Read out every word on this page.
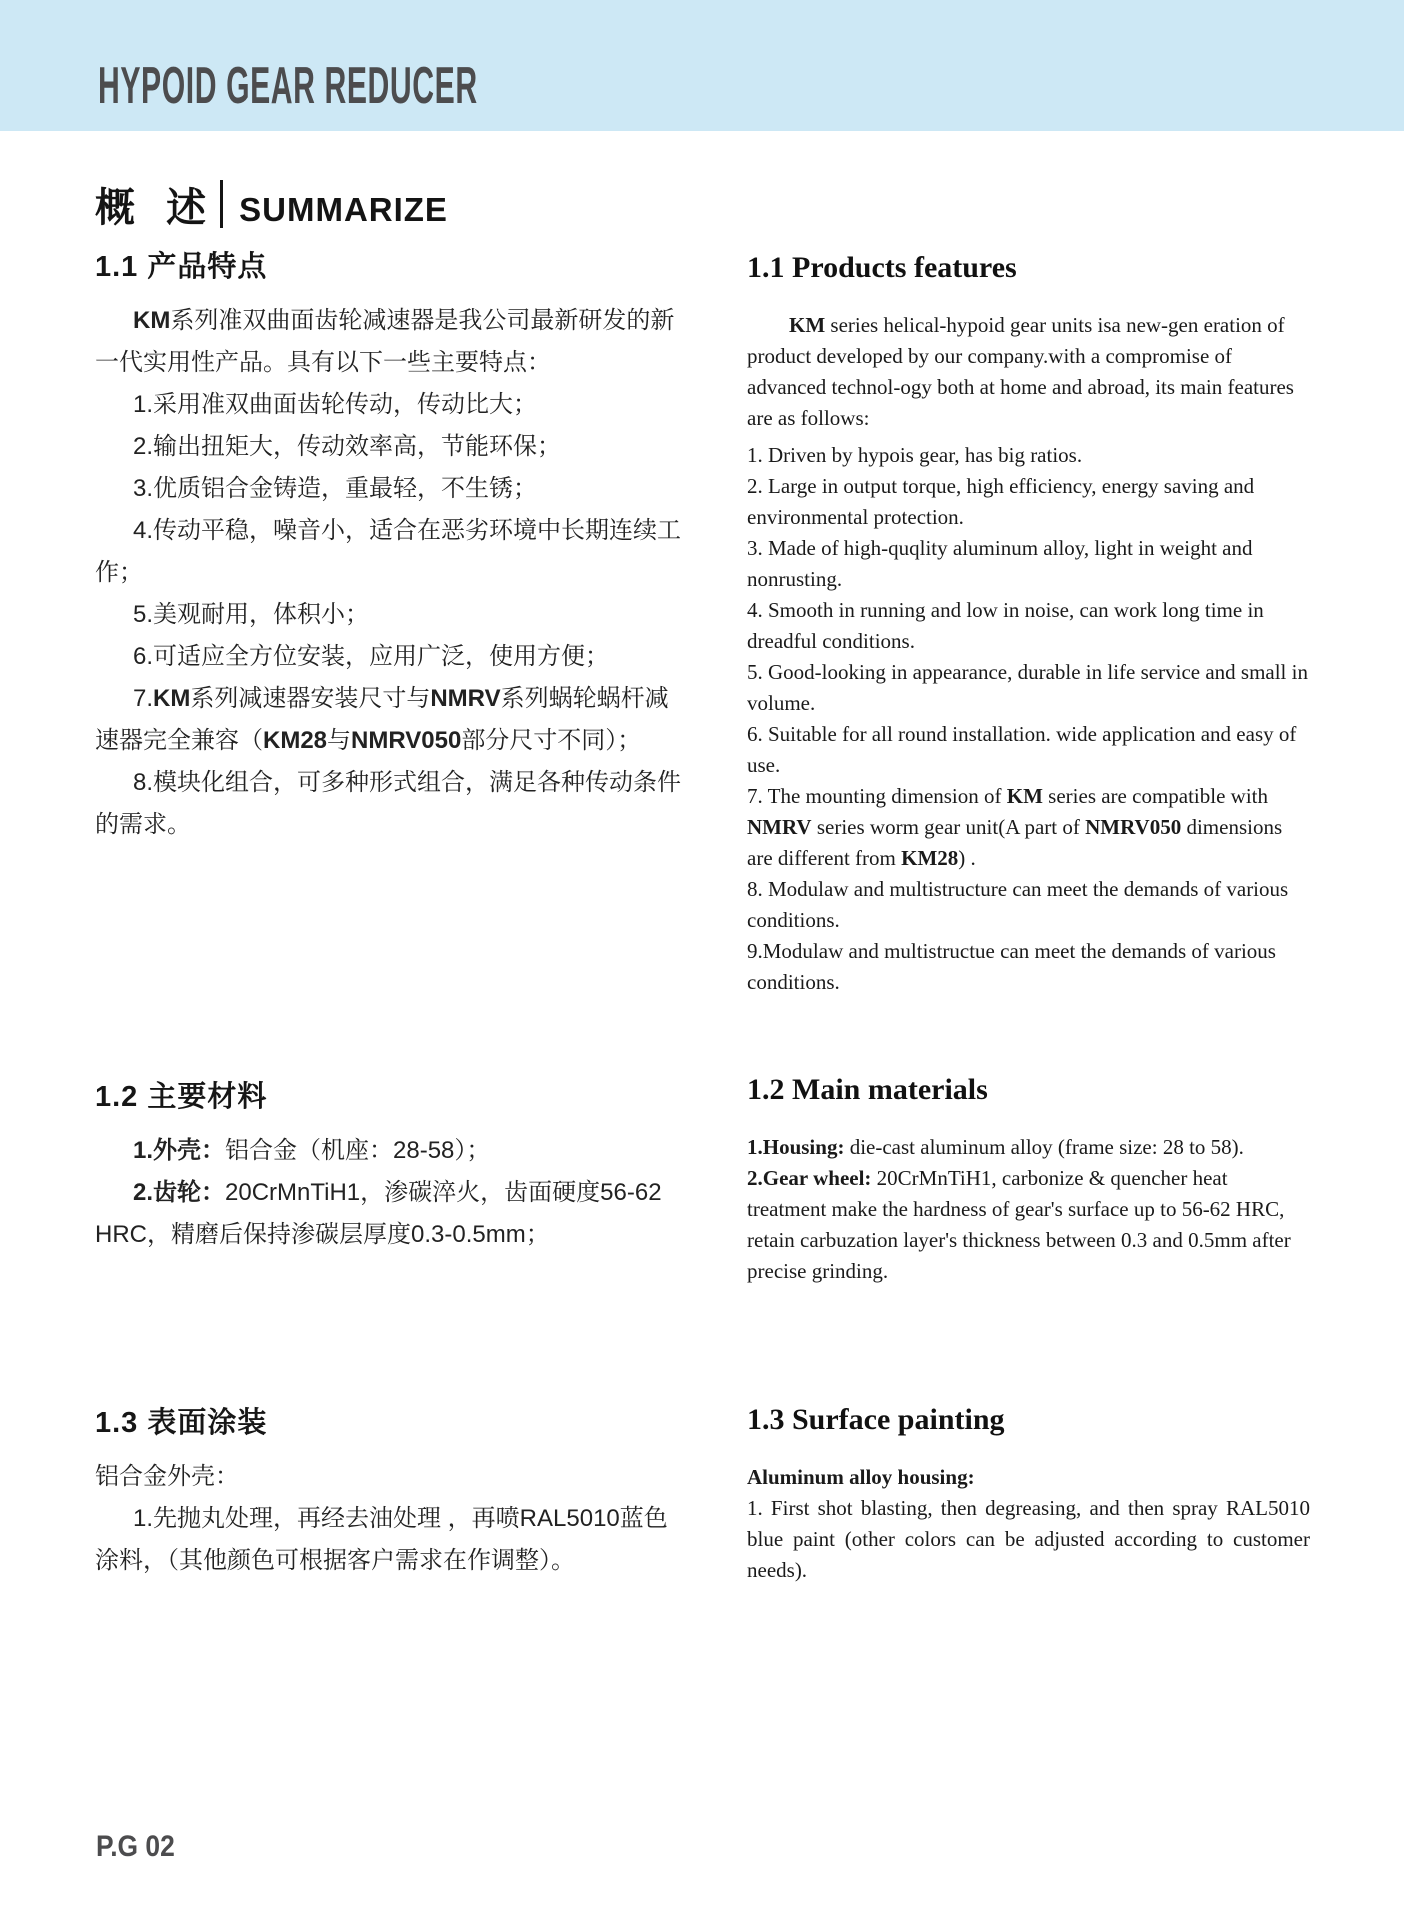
HYPOID GEAR REDUCER
概 述 SUMMARIZE
1.1 产品特点

KM系列准双曲面齿轮减速器是我公司最新研发的新一代实用性产品。具有以下一些主要特点：

1.采用准双曲面齿轮传动，传动比大；

2.输出扭矩大，传动效率高，节能环保；

3.优质铝合金铸造，重最轻，不生锈；

4.传动平稳，噪音小，适合在恶劣环境中长期连续工作；

5.美观耐用，体积小；

6.可适应全方位安装，应用广泛，使用方便；

7.KM系列减速器安装尺寸与NMRV系列蜗轮蜗杆减速器完全兼容（KM28与NMRV050部分尺寸不同）；

8.模块化组合，可多种形式组合，满足各种传动条件的需求。

1.1 Products features

KM series helical-hypoid gear units isa new-gen eration of product developed by our company.with a compromise of advanced technol-ogy both at home and abroad, its main features are as follows:

1. Driven by hypois gear, has big ratios.

2. Large in output torque, high efficiency, energy saving and environmental protection.

3. Made of high-quqlity aluminum alloy, light in weight and nonrusting.

4. Smooth in running and low in noise, can work long time in dreadful conditions.

5. Good-looking in appearance, durable in life service and small in volume.

6. Suitable for all round installation. wide application and easy of use.

7. The mounting dimension of KM series are compatible with NMRV series worm gear unit(A part of NMRV050 dimensions are different from KM28) .

8. Modulaw and multistructure can meet the demands of various conditions.

9.Modulaw and multistructue can meet the demands of various conditions.

1.2 主要材料

1.外壳：铝合金（机座：28-58）；

2.齿轮：20CrMnTiH1，渗碳淬火，齿面硬度56-62 HRC，精磨后保持渗碳层厚度0.3-0.5mm；

1.2 Main materials

1.Housing: die-cast aluminum alloy (frame size: 28 to 58).

2.Gear wheel: 20CrMnTiH1, carbonize & quencher heat treatment make the hardness of gear's surface up to 56-62 HRC, retain carbuzation layer's thickness between 0.3 and 0.5mm after precise grinding.

1.3 表面涂装

铝合金外壳：

1.先抛丸处理，再经去油处理 ，再喷RAL5010蓝色涂料，（其他颜色可根据客户需求在作调整）。

1.3 Surface painting

Aluminum alloy housing:

1. First shot blasting, then degreasing, and then spray RAL5010 blue paint (other colors can be adjusted according to customer needs).

P.G 02
